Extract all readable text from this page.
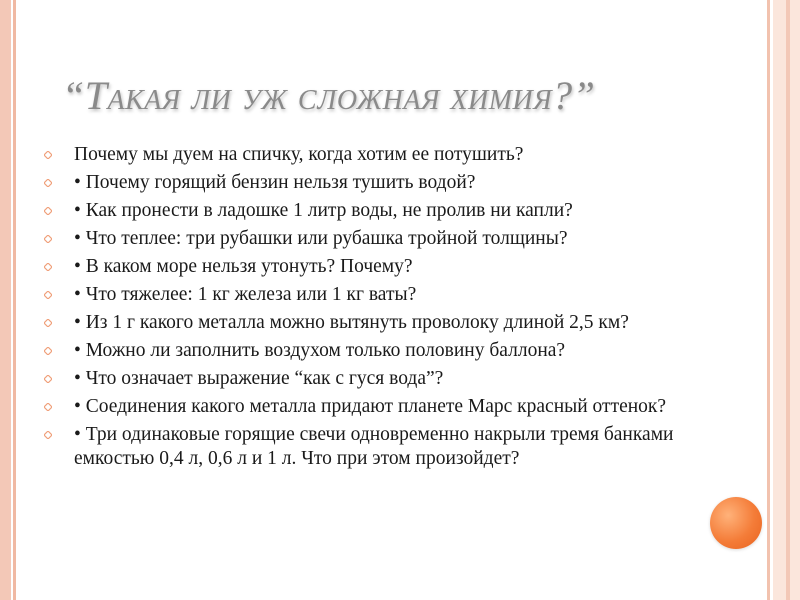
“Такая ли уж сложная химия?”
Почему мы дуем на спичку, когда хотим ее потушить?
• Почему горящий бензин нельзя тушить водой?
• Как пронести в ладошке 1 литр воды, не пролив ни капли?
• Что теплее: три рубашки или рубашка тройной толщины?
• В каком море нельзя утонуть? Почему?
• Что тяжелее: 1 кг железа или 1 кг ваты?
• Из 1 г какого металла можно вытянуть проволоку длиной 2,5 км?
• Можно ли заполнить воздухом только половину баллона?
• Что означает выражение “как с гуся вода”?
• Соединения какого металла придают планете Марс красный оттенок?
• Три одинаковые горящие свечи одновременно накрыли тремя банками емкостью 0,4 л, 0,6 л и 1 л. Что при этом произойдет?
